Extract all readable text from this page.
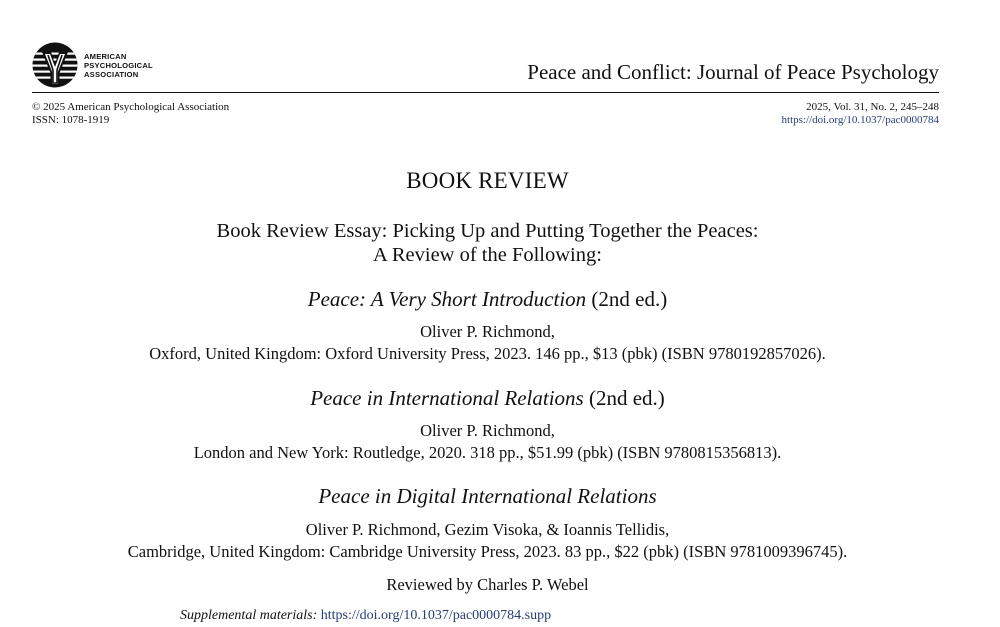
AMERICAN
PSYCHOLOGICAL
ASSOCIATION	Peace and Conflict: Journal of Peace Psychology
© 2025 American Psychological Association
ISSN: 1078-1919
2025, Vol. 31, No. 2, 245–248
https://doi.org/10.1037/pac0000784
BOOK REVIEW
Book Review Essay: Picking Up and Putting Together the Peaces:
A Review of the Following:
Peace: A Very Short Introduction (2nd ed.)
Oliver P. Richmond,
Oxford, United Kingdom: Oxford University Press, 2023. 146 pp., $13 (pbk) (ISBN 9780192857026).
Peace in International Relations (2nd ed.)
Oliver P. Richmond,
London and New York: Routledge, 2020. 318 pp., $51.99 (pbk) (ISBN 9780815356813).
Peace in Digital International Relations
Oliver P. Richmond, Gezim Visoka, & Ioannis Tellidis,
Cambridge, United Kingdom: Cambridge University Press, 2023. 83 pp., $22 (pbk) (ISBN 9781009396745).
Reviewed by Charles P. Webel
Supplemental materials: https://doi.org/10.1037/pac0000784.supp
